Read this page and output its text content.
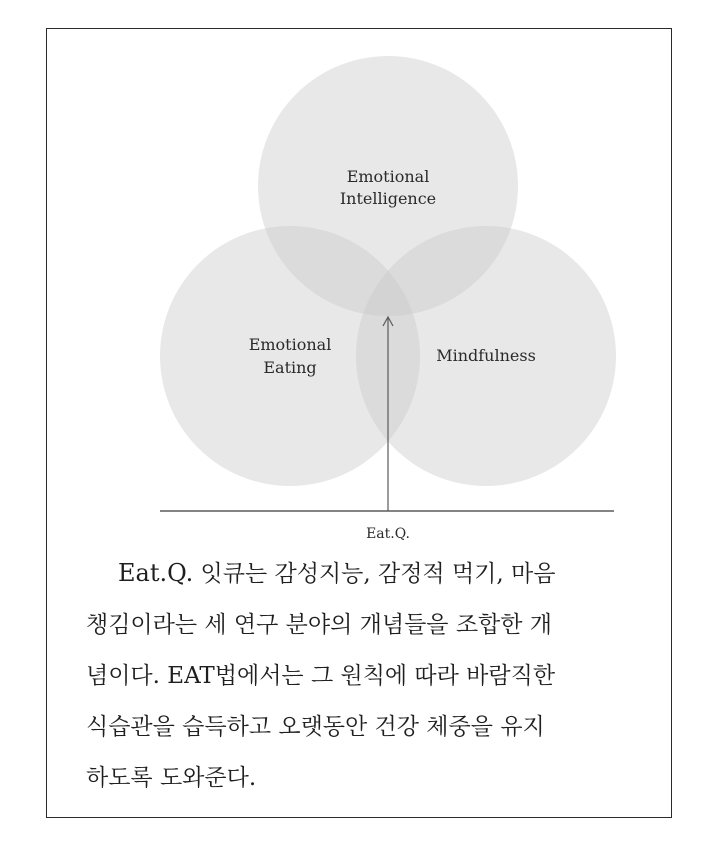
Emotional
Intelligence
Emotional
Eating
Mindfulness
Eat.Q.
Eat.Q. 잇큐는 감성지능, 감정적 먹기, 마음
챙김이라는 세 연구 분야의 개념들을 조합한 개
념이다. EAT법에서는 그 원칙에 따라 바람직한
식습관을 습득하고 오랫동안 건강 체중을 유지
하도록 도와준다.
